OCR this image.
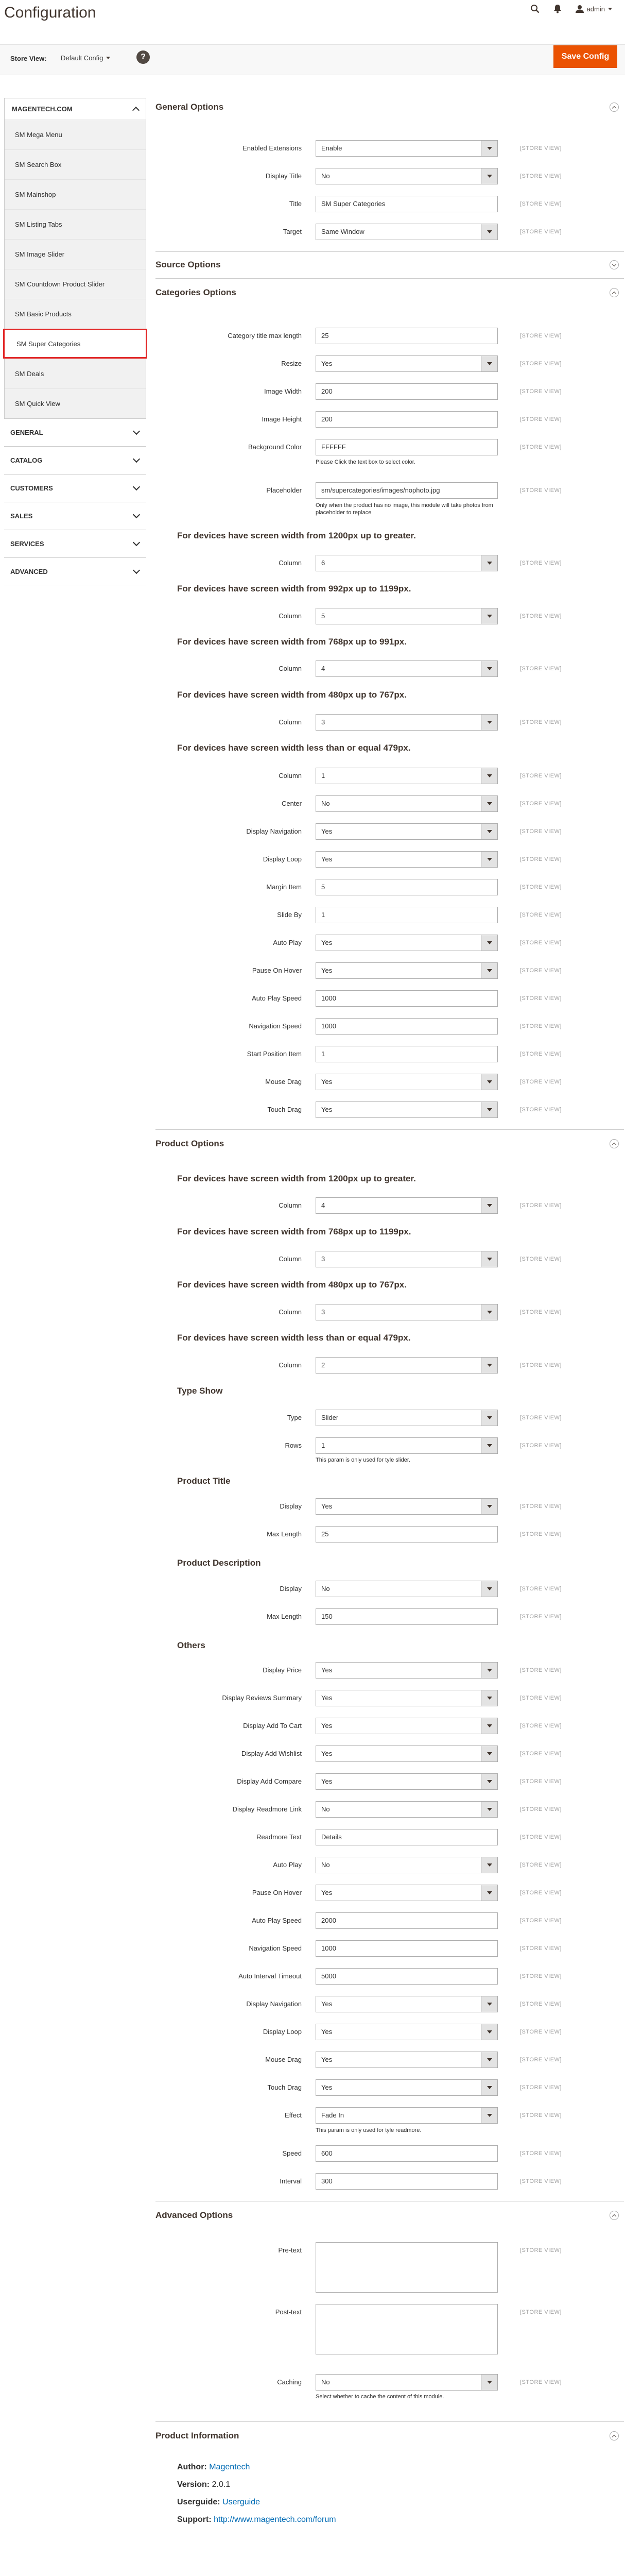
Configuration	admin
Store View: Default Config	?	Save Config
MAGENTECH.COM
SM Mega Menu
SM Search Box
SM Mainshop
SM Listing Tabs
SM Image Slider
SM Countdown Product Slider
SM Basic Products
SM Super Categories
SM Deals
SM Quick View
GENERAL
CATALOG
CUSTOMERS
SALES
SERVICES
ADVANCED
General Options
Enabled Extensions	Enable	[STORE VIEW]
Display Title	No	[STORE VIEW]
Title	SM Super Categories	[STORE VIEW]
Target	Same Window	[STORE VIEW]
Source Options
Categories Options
Category title max length	25	[STORE VIEW]
Resize	Yes	[STORE VIEW]
Image Width	200	[STORE VIEW]
Image Height	200	[STORE VIEW]
Background Color	FFFFFF	[STORE VIEW]
Please Click the text box to select color.
Placeholder	sm/supercategories/images/nophoto.jpg	[STORE VIEW]
Only when the product has no image, this module will take photos from placeholder to replace
For devices have screen width from 1200px up to greater.
Column	6	[STORE VIEW]
For devices have screen width from 992px up to 1199px.
Column	5	[STORE VIEW]
For devices have screen width from 768px up to 991px.
Column	4	[STORE VIEW]
For devices have screen width from 480px up to 767px.
Column	3	[STORE VIEW]
For devices have screen width less than or equal 479px.
Column	1	[STORE VIEW]
Center	No	[STORE VIEW]
Display Navigation	Yes	[STORE VIEW]
Display Loop	Yes	[STORE VIEW]
Margin Item	5	[STORE VIEW]
Slide By	1	[STORE VIEW]
Auto Play	Yes	[STORE VIEW]
Pause On Hover	Yes	[STORE VIEW]
Auto Play Speed	1000	[STORE VIEW]
Navigation Speed	1000	[STORE VIEW]
Start Position Item	1	[STORE VIEW]
Mouse Drag	Yes	[STORE VIEW]
Touch Drag	Yes	[STORE VIEW]
Product Options
For devices have screen width from 1200px up to greater.
Column	4	[STORE VIEW]
For devices have screen width from 768px up to 1199px.
Column	3	[STORE VIEW]
For devices have screen width from 480px up to 767px.
Column	3	[STORE VIEW]
For devices have screen width less than or equal 479px.
Column	2	[STORE VIEW]
Type Show
Type	Slider	[STORE VIEW]
Rows	1	[STORE VIEW]
This param is only used for tyle slider.
Product Title
Display	Yes	[STORE VIEW]
Max Length	25	[STORE VIEW]
Product Description
Display	No	[STORE VIEW]
Max Length	150	[STORE VIEW]
Others
Display Price	Yes	[STORE VIEW]
Display Reviews Summary	Yes	[STORE VIEW]
Display Add To Cart	Yes	[STORE VIEW]
Display Add Wishlist	Yes	[STORE VIEW]
Display Add Compare	Yes	[STORE VIEW]
Display Readmore Link	No	[STORE VIEW]
Readmore Text	Details	[STORE VIEW]
Auto Play	No	[STORE VIEW]
Pause On Hover	Yes	[STORE VIEW]
Auto Play Speed	2000	[STORE VIEW]
Navigation Speed	1000	[STORE VIEW]
Auto Interval Timeout	5000	[STORE VIEW]
Display Navigation	Yes	[STORE VIEW]
Display Loop	Yes	[STORE VIEW]
Mouse Drag	Yes	[STORE VIEW]
Touch Drag	Yes	[STORE VIEW]
Effect	Fade In	[STORE VIEW]
This param is only used for tyle readmore.
Speed	600	[STORE VIEW]
Interval	300	[STORE VIEW]
Advanced Options
Pre-text	[STORE VIEW]
Post-text	[STORE VIEW]
Caching	No	[STORE VIEW]
Select whether to cache the content of this module.
Product Information
Author: Magentech
Version: 2.0.1
Userguide: Userguide
Support: http://www.magentech.com/forum
